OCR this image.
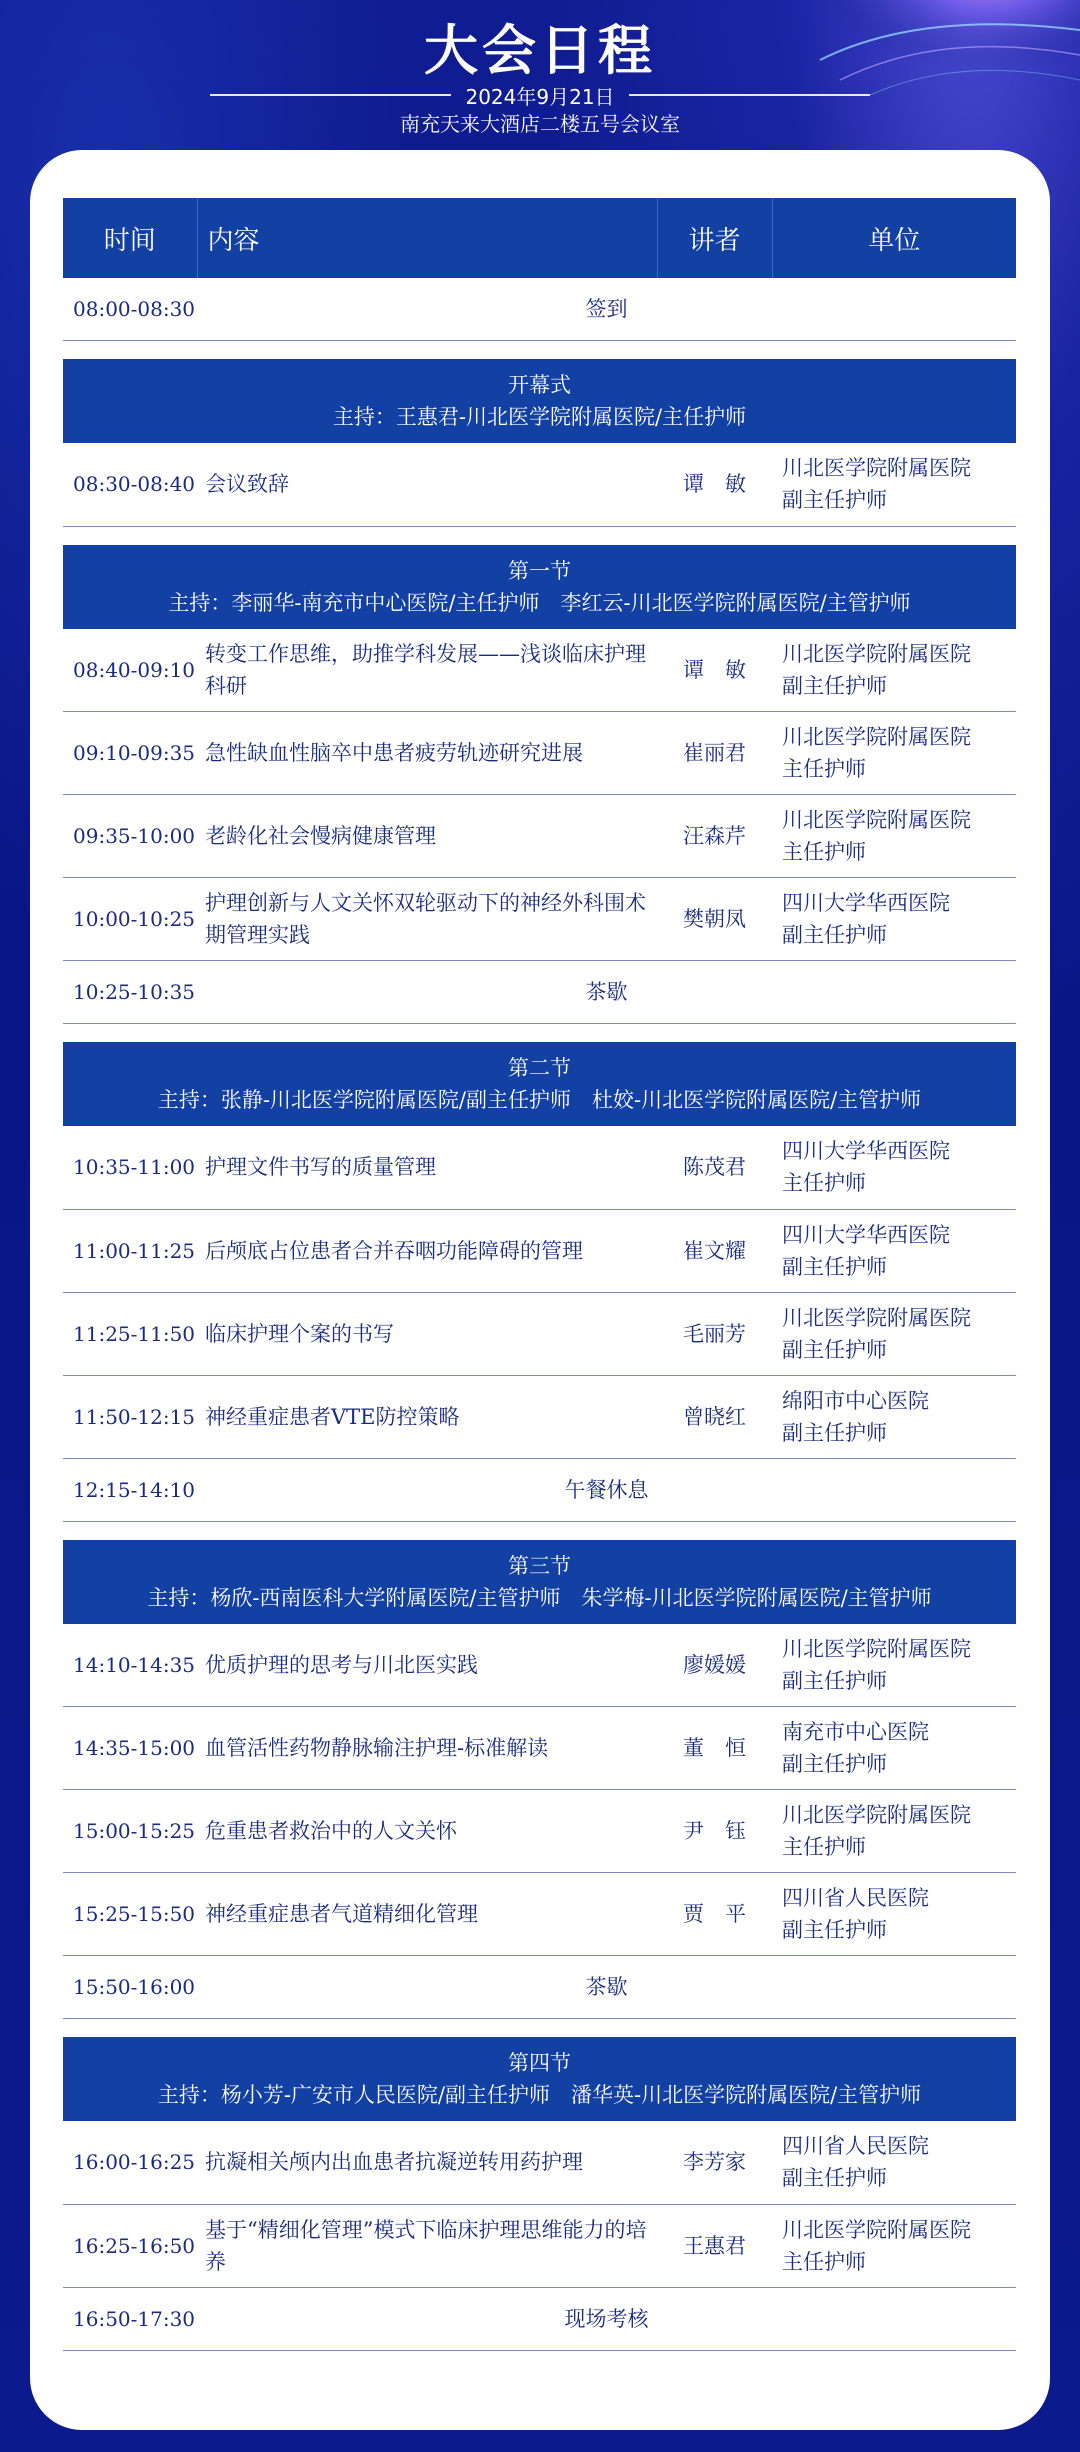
大会日程
2024年9月21日
南充天来大酒店二楼五号会议室
时间	内容	讲者	单位
08:00-08:30	签到		

开幕式
主持：王惠君-川北医学院附属医院/主任护师			

08:30-08:40	会议致辞	谭　敏	川北医学院附属医院
副主任护师

第一节
主持：李丽华-南充市中心医院/主任护师　李红云-川北医学院附属医院/主管护师			

08:40-09:10	转变工作思维，助推学科发展——浅谈临床护理科研	谭　敏	川北医学院附属医院
副主任护师

09:10-09:35	急性缺血性脑卒中患者疲劳轨迹研究进展	崔丽君	川北医学院附属医院
主任护师

09:35-10:00	老龄化社会慢病健康管理	汪森芹	川北医学院附属医院
主任护师

10:00-10:25	护理创新与人文关怀双轮驱动下的神经外科围术期管理实践	樊朝凤	四川大学华西医院
副主任护师

10:25-10:35	茶歇		

第二节
主持：张静-川北医学院附属医院/副主任护师　杜姣-川北医学院附属医院/主管护师			

10:35-11:00	护理文件书写的质量管理	陈茂君	四川大学华西医院
主任护师

11:00-11:25	后颅底占位患者合并吞咽功能障碍的管理	崔文耀	四川大学华西医院
副主任护师

11:25-11:50	临床护理个案的书写	毛丽芳	川北医学院附属医院
副主任护师

11:50-12:15	神经重症患者VTE防控策略	曾晓红	绵阳市中心医院
副主任护师

12:15-14:10	午餐休息		

第三节
主持：杨欣-西南医科大学附属医院/主管护师　朱学梅-川北医学院附属医院/主管护师			

14:10-14:35	优质护理的思考与川北医实践	廖媛媛	川北医学院附属医院
副主任护师

14:35-15:00	血管活性药物静脉输注护理-标准解读	董　恒	南充市中心医院
副主任护师

15:00-15:25	危重患者救治中的人文关怀	尹　钰	川北医学院附属医院
主任护师

15:25-15:50	神经重症患者气道精细化管理	贾　平	四川省人民医院
副主任护师

15:50-16:00	茶歇		

第四节
主持：杨小芳-广安市人民医院/副主任护师　潘华英-川北医学院附属医院/主管护师			

16:00-16:25	抗凝相关颅内出血患者抗凝逆转用药护理	李芳家	四川省人民医院
副主任护师

16:25-16:50	基于“精细化管理”模式下临床护理思维能力的培养	王惠君	川北医学院附属医院
主任护师

16:50-17:30	现场考核		
